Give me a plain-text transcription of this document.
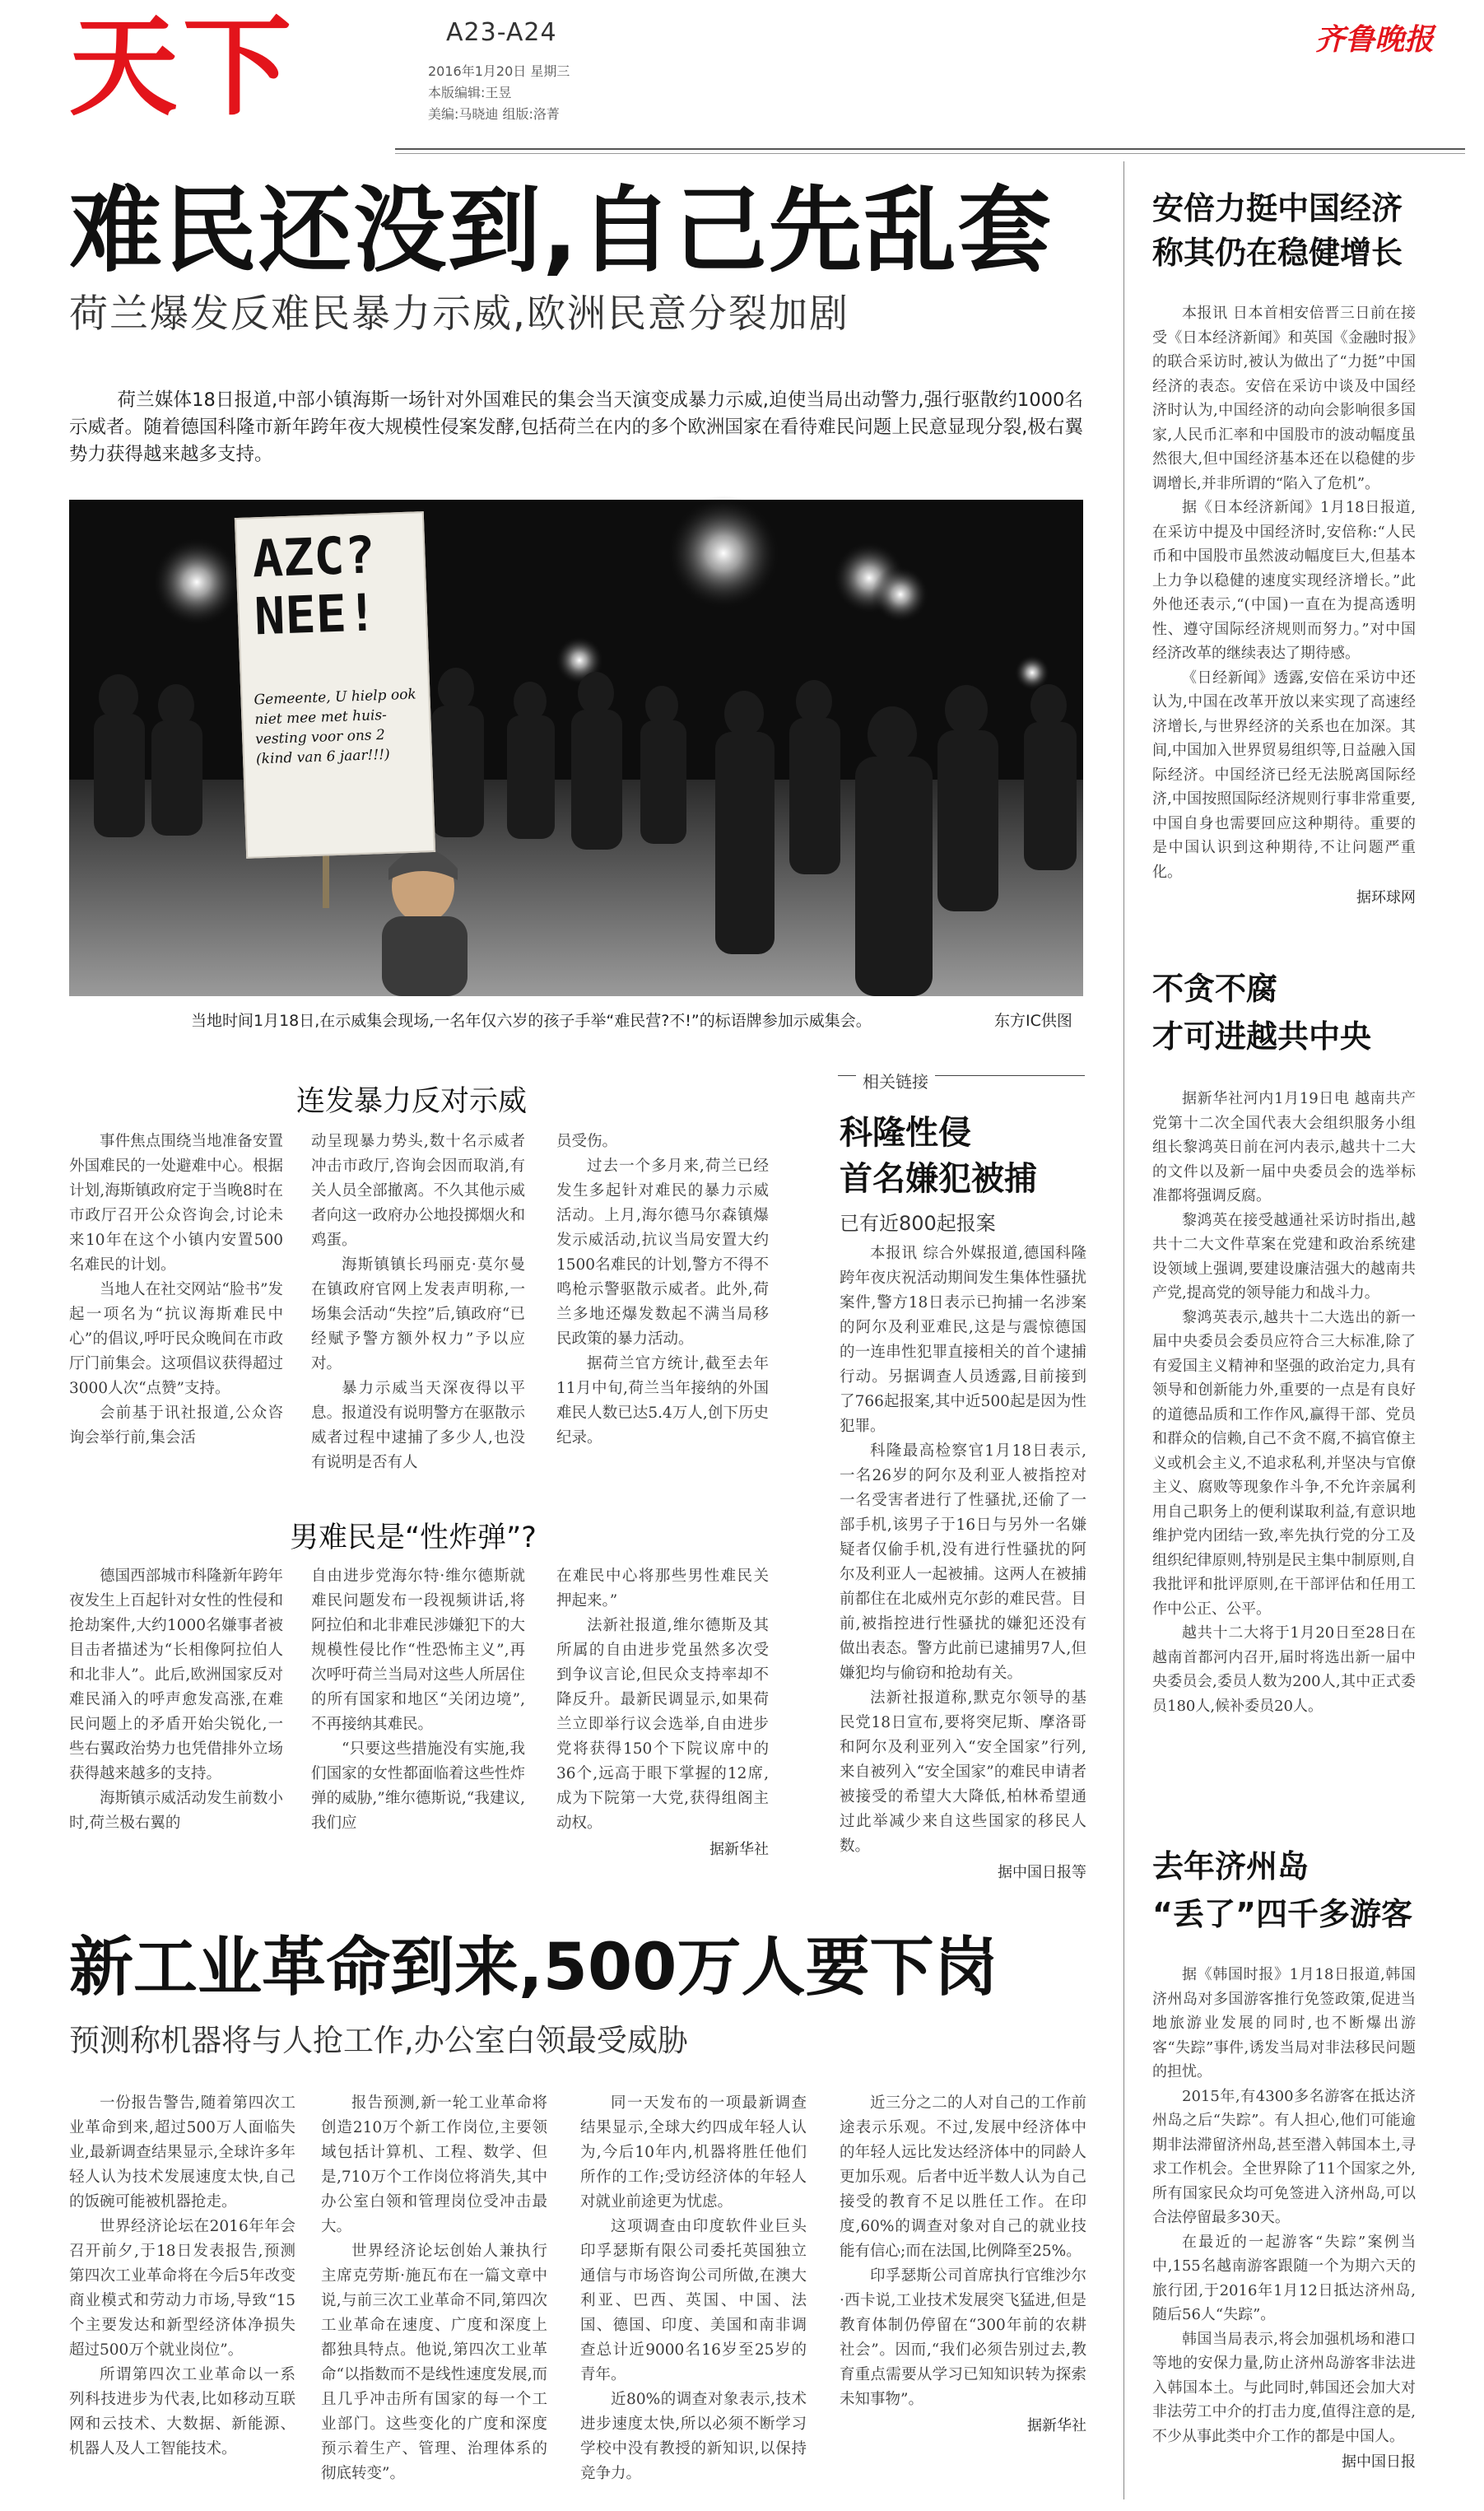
天下	A23-A24
2016年1月20日 星期三
本版编辑:王昱
美编:马晓迪 组版:洛菁
齐鲁晚报
难民还没到,自己先乱套
荷兰爆发反难民暴力示威,欧洲民意分裂加剧
荷兰媒体18日报道,中部小镇海斯一场针对外国难民的集会当天演变成暴力示威,迫使当局出动警力,强行驱散约1000名示威者。随着德国科隆市新年跨年夜大规模性侵案发酵,包括荷兰在内的多个欧洲国家在看待难民问题上民意显现分裂,极右翼势力获得越来越多支持。
AZC? NEE!
Gemeente, U hielp ook niet mee met huis-vesting voor ons 2 (kind van 6 jaar!!!)
当地时间1月18日,在示威集会现场,一名年仅六岁的孩子手举“难民营?不!”的标语牌参加示威集会。	东方IC供图
连发暴力反对示威

事件焦点围绕当地准备安置外国难民的一处避难中心。根据计划,海斯镇政府定于当晚8时在市政厅召开公众咨询会,讨论未来10年在这个小镇内安置500名难民的计划。

当地人在社交网站“脸书”发起一项名为“抗议海斯难民中心”的倡议,呼吁民众晚间在市政厅门前集会。这项倡议获得超过3000人次“点赞”支持。

会前基于讯社报道,公众咨询会举行前,集会活

动呈现暴力势头,数十名示威者冲击市政厅,咨询会因而取消,有关人员全部撤离。不久其他示威者向这一政府办公地投掷烟火和鸡蛋。

海斯镇镇长玛丽克·莫尔曼在镇政府官网上发表声明称,一场集会活动“失控”后,镇政府“已经赋予警方额外权力”予以应对。

暴力示威当天深夜得以平息。报道没有说明警方在驱散示威者过程中逮捕了多少人,也没有说明是否有人

员受伤。

过去一个多月来,荷兰已经发生多起针对难民的暴力示威活动。上月,海尔德马尔森镇爆发示威活动,抗议当局安置大约1500名难民的计划,警方不得不鸣枪示警驱散示威者。此外,荷兰多地还爆发数起不满当局移民政策的暴力活动。

据荷兰官方统计,截至去年11月中旬,荷兰当年接纳的外国难民人数已达5.4万人,创下历史纪录。

男难民是“性炸弹”?

德国西部城市科隆新年跨年夜发生上百起针对女性的性侵和抢劫案件,大约1000名嫌事者被目击者描述为“长相像阿拉伯人和北非人”。此后,欧洲国家反对难民涌入的呼声愈发高涨,在难民问题上的矛盾开始尖锐化,一些右翼政治势力也凭借排外立场获得越来越多的支持。

海斯镇示威活动发生前数小时,荷兰极右翼的

自由进步党海尔特·维尔德斯就难民问题发布一段视频讲话,将阿拉伯和北非难民涉嫌犯下的大规模性侵比作“性恐怖主义”,再次呼吁荷兰当局对这些人所居住的所有国家和地区“关闭边境”,不再接纳其难民。

“只要这些措施没有实施,我们国家的女性都面临着这些性炸弹的威胁,”维尔德斯说,“我建议,我们应

在难民中心将那些男性难民关押起来。”

法新社报道,维尔德斯及其所属的自由进步党虽然多次受到争议言论,但民众支持率却不降反升。最新民调显示,如果荷兰立即举行议会选举,自由进步党将获得150个下院议席中的36个,远高于眼下掌握的12席,成为下院第一大党,获得组阁主动权。

据新华社
相关链接
科隆性侵
首名嫌犯被捕
已有近800起报案

本报讯 综合外媒报道,德国科隆跨年夜庆祝活动期间发生集体性骚扰案件,警方18日表示已拘捕一名涉案的阿尔及利亚难民,这是与震惊德国的一连串性犯罪直接相关的首个逮捕行动。另据调查人员透露,目前接到了766起报案,其中近500起是因为性犯罪。

科隆最高检察官1月18日表示,一名26岁的阿尔及利亚人被指控对一名受害者进行了性骚扰,还偷了一部手机,该男子于16日与另外一名嫌疑者仅偷手机,没有进行性骚扰的阿尔及利亚人一起被捕。这两人在被捕前都住在北威州克尔彭的难民营。目前,被指控进行性骚扰的嫌犯还没有做出表态。警方此前已逮捕男7人,但嫌犯均与偷窃和抢劫有关。

法新社报道称,默克尔领导的基民党18日宣布,要将突尼斯、摩洛哥和阿尔及利亚列入“安全国家”行列,来自被列入“安全国家”的难民申请者被接受的希望大大降低,柏林希望通过此举减少来自这些国家的移民人数。

据中国日报等
新工业革命到来,500万人要下岗
预测称机器将与人抢工作,办公室白领最受威胁

一份报告警告,随着第四次工业革命到来,超过500万人面临失业,最新调查结果显示,全球许多年轻人认为技术发展速度太快,自己的饭碗可能被机器抢走。

世界经济论坛在2016年年会召开前夕,于18日发表报告,预测第四次工业革命将在今后5年改变商业模式和劳动力市场,导致“15个主要发达和新型经济体净损失超过500万个就业岗位”。

所谓第四次工业革命以一系列科技进步为代表,比如移动互联网和云技术、大数据、新能源、机器人及人工智能技术。

报告预测,新一轮工业革命将创造210万个新工作岗位,主要领域包括计算机、工程、数学、但是,710万个工作岗位将消失,其中办公室白领和管理岗位受冲击最大。

世界经济论坛创始人兼执行主席克劳斯·施瓦布在一篇文章中说,与前三次工业革命不同,第四次工业革命在速度、广度和深度上都独具特点。他说,第四次工业革命“以指数而不是线性速度发展,而且几乎冲击所有国家的每一个工业部门。这些变化的广度和深度预示着生产、管理、治理体系的彻底转变”。

同一天发布的一项最新调查结果显示,全球大约四成年轻人认为,今后10年内,机器将胜任他们所作的工作;受访经济体的年轻人对就业前途更为忧虑。

这项调查由印度软件业巨头印孚瑟斯有限公司委托英国独立通信与市场咨询公司所做,在澳大利亚、巴西、英国、中国、法国、德国、印度、美国和南非调查总计近9000名16岁至25岁的青年。

近80%的调查对象表示,技术进步速度太快,所以必须不断学习学校中没有教授的新知识,以保持竞争力。

近三分之二的人对自己的工作前途表示乐观。不过,发展中经济体中的年轻人远比发达经济体中的同龄人更加乐观。后者中近半数人认为自己接受的教育不足以胜任工作。在印度,60%的调查对象对自己的就业技能有信心;而在法国,比例降至25%。

印孚瑟斯公司首席执行官维沙尔·西卡说,工业技术发展突飞猛进,但是教育体制仍停留在“300年前的农耕社会”。因而,“我们必须告别过去,教育重点需要从学习已知知识转为探索未知事物”。

据新华社
安倍力挺中国经济
称其仍在稳健增长

本报讯 日本首相安倍晋三日前在接受《日本经济新闻》和英国《金融时报》的联合采访时,被认为做出了“力挺”中国经济的表态。安倍在采访中谈及中国经济时认为,中国经济的动向会影响很多国家,人民币汇率和中国股市的波动幅度虽然很大,但中国经济基本还在以稳健的步调增长,并非所谓的“陷入了危机”。

据《日本经济新闻》1月18日报道,在采访中提及中国经济时,安倍称:“人民币和中国股市虽然波动幅度巨大,但基本上力争以稳健的速度实现经济增长。”此外他还表示,“(中国)一直在为提高透明性、遵守国际经济规则而努力。”对中国经济改革的继续表达了期待感。

《日经新闻》透露,安倍在采访中还认为,中国在改革开放以来实现了高速经济增长,与世界经济的关系也在加深。其间,中国加入世界贸易组织等,日益融入国际经济。中国经济已经无法脱离国际经济,中国按照国际经济规则行事非常重要,中国自身也需要回应这种期待。重要的是中国认识到这种期待,不让问题严重化。

据环球网
不贪不腐
才可进越共中央

据新华社河内1月19日电 越南共产党第十二次全国代表大会组织服务小组组长黎鸿英日前在河内表示,越共十二大的文件以及新一届中央委员会的选举标准都将强调反腐。

黎鸿英在接受越通社采访时指出,越共十二大文件草案在党建和政治系统建设领域上强调,要建设廉洁强大的越南共产党,提高党的领导能力和战斗力。

黎鸿英表示,越共十二大选出的新一届中央委员会委员应符合三大标准,除了有爱国主义精神和坚强的政治定力,具有领导和创新能力外,重要的一点是有良好的道德品质和工作作风,赢得干部、党员和群众的信赖,自己不贪不腐,不搞官僚主义或机会主义,不追求私利,并坚决与官僚主义、腐败等现象作斗争,不允许亲属利用自己职务上的便利谋取利益,有意识地维护党内团结一致,率先执行党的分工及组织纪律原则,特别是民主集中制原则,自我批评和批评原则,在干部评估和任用工作中公正、公平。

越共十二大将于1月20日至28日在越南首都河内召开,届时将选出新一届中央委员会,委员人数为200人,其中正式委员180人,候补委员20人。

去年济州岛
“丢了”四千多游客

据《韩国时报》1月18日报道,韩国济州岛对多国游客推行免签政策,促进当地旅游业发展的同时,也不断爆出游客“失踪”事件,诱发当局对非法移民问题的担忧。

2015年,有4300多名游客在抵达济州岛之后“失踪”。有人担心,他们可能逾期非法滞留济州岛,甚至潜入韩国本土,寻求工作机会。全世界除了11个国家之外,所有国家民众均可免签进入济州岛,可以合法停留最多30天。

在最近的一起游客“失踪”案例当中,155名越南游客跟随一个为期六天的旅行团,于2016年1月12日抵达济州岛,随后56人“失踪”。

韩国当局表示,将会加强机场和港口等地的安保力量,防止济州岛游客非法进入韩国本土。与此同时,韩国还会加大对非法劳工中介的打击力度,值得注意的是,不少从事此类中介工作的都是中国人。

据中国日报
